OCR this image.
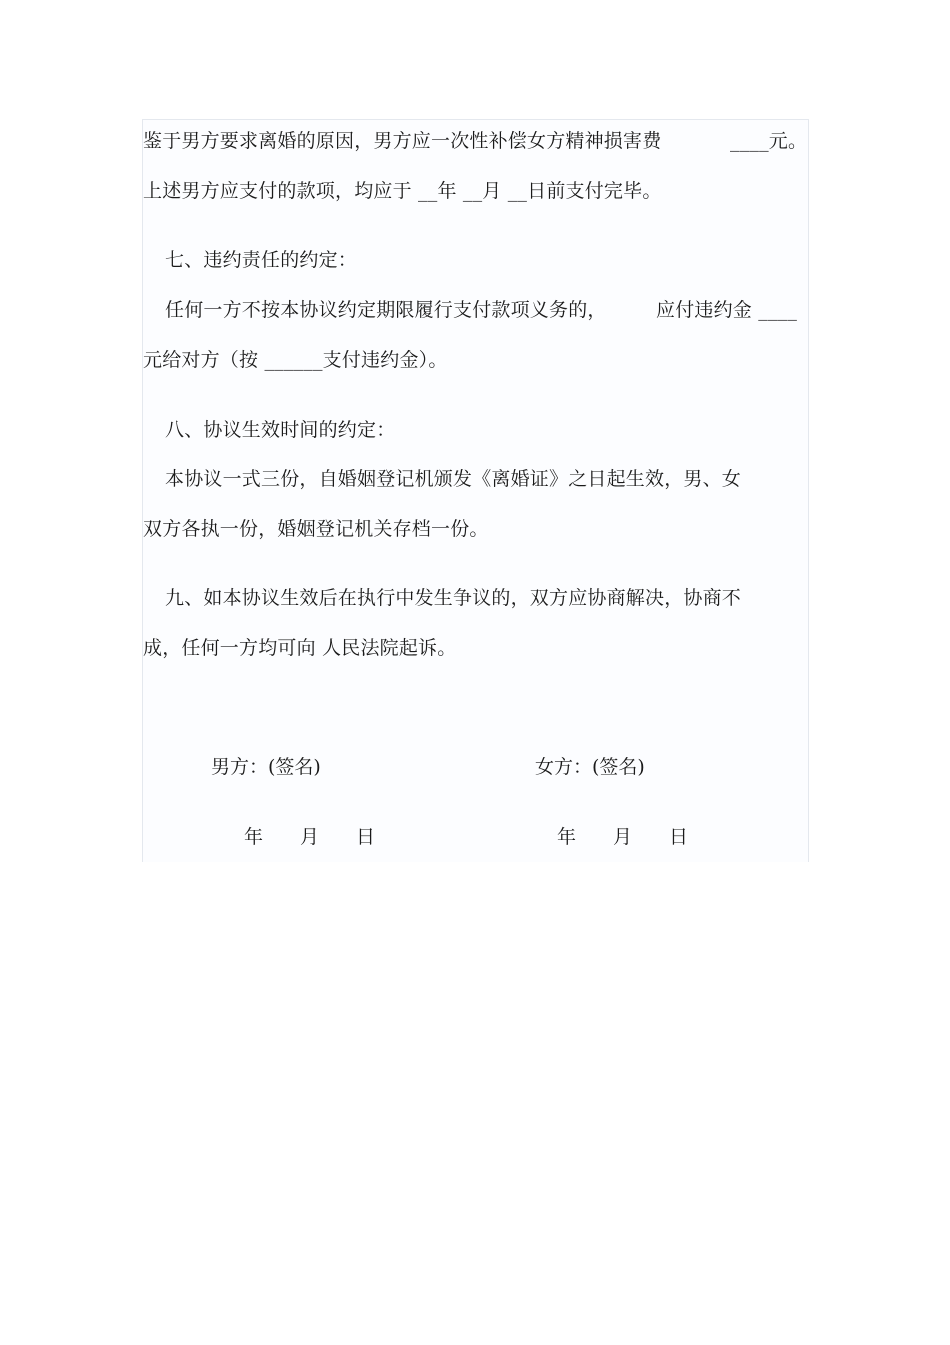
鉴于男方要求离婚的原因，男方应一次性补偿女方精神损害费	____元。
上述男方应支付的款项，均应于 __年 __月 __日前支付完毕。
七、违约责任的约定：
任何一方不按本协议约定期限履行支付款项义务的，	应付违约金 ____
元给对方（按 ______支付违约金）。
八、协议生效时间的约定：
本协议一式三份，自婚姻登记机颁发《离婚证》之日起生效，男、女
双方各执一份，婚姻登记机关存档一份。
九、如本协议生效后在执行中发生争议的，双方应协商解决，协商不
成，任何一方均可向 人民法院起诉。
男方：(签名)	女方：(签名)
年 月 日	年 月 日
